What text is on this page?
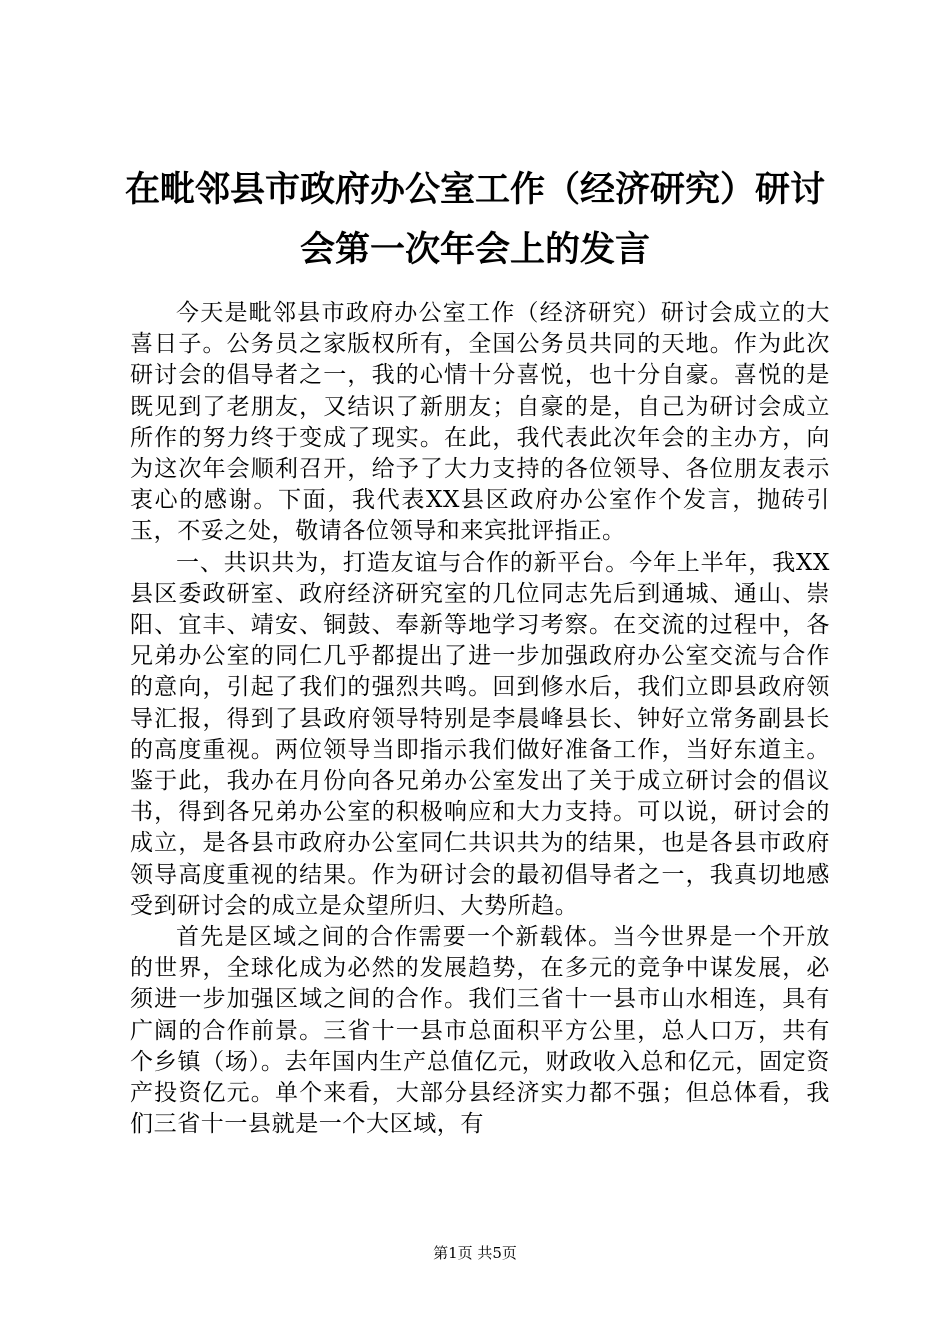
在毗邻县市政府办公室工作（经济研究）研讨会第一次年会上的发言

今天是毗邻县市政府办公室工作（经济研究）研讨会成立的大喜日子。公务员之家版权所有，全国公务员共同的天地。作为此次研讨会的倡导者之一，我的心情十分喜悦，也十分自豪。喜悦的是既见到了老朋友，又结识了新朋友；自豪的是，自己为研讨会成立所作的努力终于变成了现实。在此，我代表此次年会的主办方，向为这次年会顺利召开，给予了大力支持的各位领导、各位朋友表示衷心的感谢。下面，我代表XX县区政府办公室作个发言，抛砖引玉，不妥之处，敬请各位领导和来宾批评指正。

一、共识共为，打造友谊与合作的新平台。今年上半年，我XX县区委政研室、政府经济研究室的几位同志先后到通城、通山、崇阳、宜丰、靖安、铜鼓、奉新等地学习考察。在交流的过程中，各兄弟办公室的同仁几乎都提出了进一步加强政府办公室交流与合作的意向，引起了我们的强烈共鸣。回到修水后，我们立即县政府领导汇报，得到了县政府领导特别是李晨峰县长、钟好立常务副县长的高度重视。两位领导当即指示我们做好准备工作，当好东道主。鉴于此，我办在月份向各兄弟办公室发出了关于成立研讨会的倡议书，得到各兄弟办公室的积极响应和大力支持。可以说，研讨会的成立，是各县市政府办公室同仁共识共为的结果，也是各县市政府领导高度重视的结果。作为研讨会的最初倡导者之一，我真切地感受到研讨会的成立是众望所归、大势所趋。

首先是区域之间的合作需要一个新载体。当今世界是一个开放的世界，全球化成为必然的发展趋势，在多元的竞争中谋发展，必须进一步加强区域之间的合作。我们三省十一县市山水相连，具有广阔的合作前景。三省十一县市总面积平方公里，总人口万，共有个乡镇（场）。去年国内生产总值亿元，财政收入总和亿元，固定资产投资亿元。单个来看，大部分县经济实力都不强；但总体看，我们三省十一县就是一个大区域，有

第1页 共5页
